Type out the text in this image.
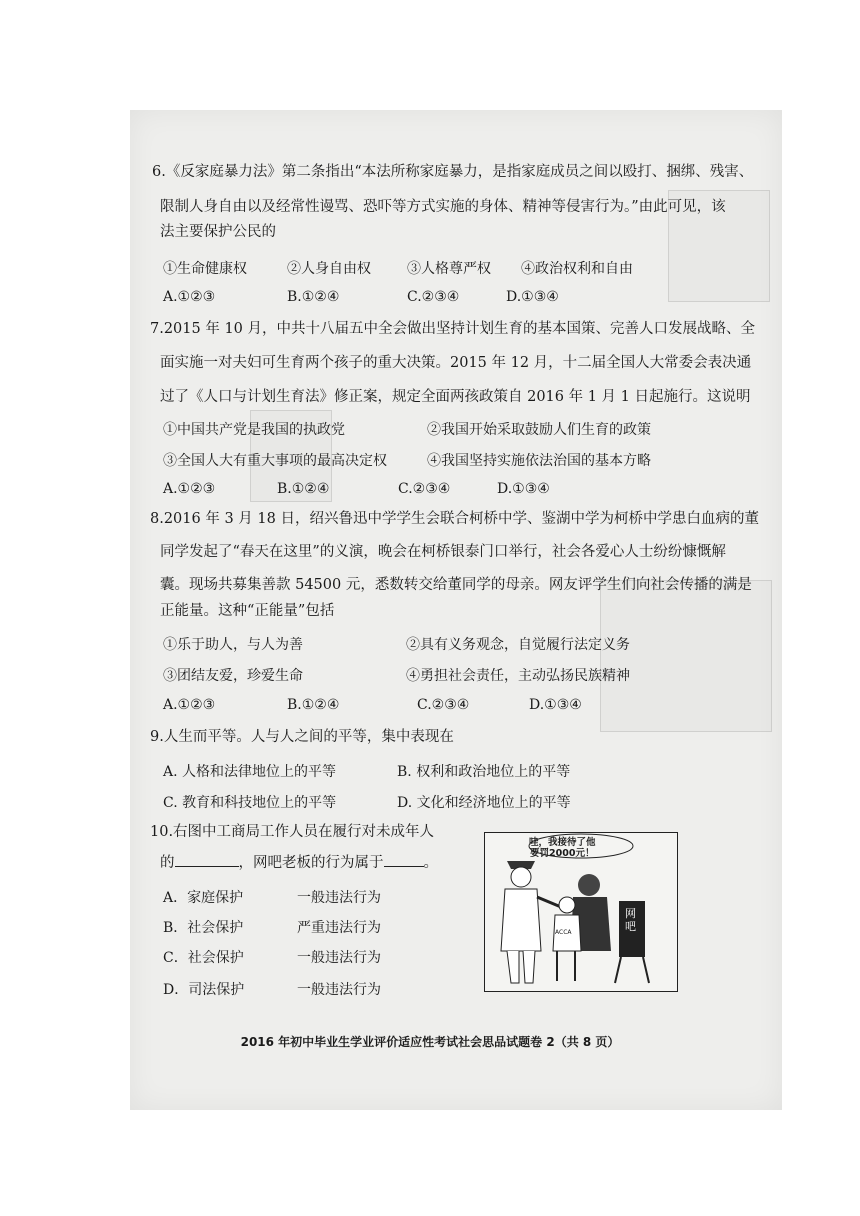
6.《反家庭暴力法》第二条指出“本法所称家庭暴力，是指家庭成员之间以殴打、捆绑、残害、
限制人身自由以及经常性谩骂、恐吓等方式实施的身体、精神等侵害行为。”由此可见，该
法主要保护公民的
①生命健康权	②人身自由权	③人格尊严权 ④政治权利和自由
A.①②③	B.①②④	C.②③④	D.①③④
7.2015 年 10 月，中共十八届五中全会做出坚持计划生育的基本国策、完善人口发展战略、全
面实施一对夫妇可生育两个孩子的重大决策。2015 年 12 月，十二届全国人大常委会表决通
过了《人口与计划生育法》修正案，规定全面两孩政策自 2016 年 1 月 1 日起施行。这说明
①中国共产党是我国的执政党	②我国开始采取鼓励人们生育的政策
③全国人大有重大事项的最高决定权	④我国坚持实施依法治国的基本方略
A.①②③	B.①②④	C.②③④	D.①③④
8.2016 年 3 月 18 日，绍兴鲁迅中学学生会联合柯桥中学、鉴湖中学为柯桥中学患白血病的董
同学发起了“春天在这里”的义演，晚会在柯桥银泰门口举行，社会各爱心人士纷纷慷慨解
囊。现场共募集善款 54500 元，悉数转交给董同学的母亲。网友评学生们向社会传播的满是
正能量。这种“正能量”包括
①乐于助人，与人为善	②具有义务观念，自觉履行法定义务
③团结友爱，珍爱生命	④勇担社会责任，主动弘扬民族精神
A.①②③	B.①②④	C.②③④	D.①③④
9.人生而平等。人与人之间的平等，集中表现在
A. 人格和法律地位上的平等	B. 权利和政治地位上的平等
C. 教育和科技地位上的平等	D. 文化和经济地位上的平等
10.右图中工商局工作人员在履行对未成年人
的	，网吧老板的行为属于	。
A．家庭保护	一般违法行为
B．社会保护	严重违法行为
C．社会保护	一般违法行为
D．司法保护	一般违法行为
哇，我接待了他
要罚2000元！
ACCA
网吧
2016 年初中毕业生学业评价适应性考试社会思品试题卷 2（共 8 页）
